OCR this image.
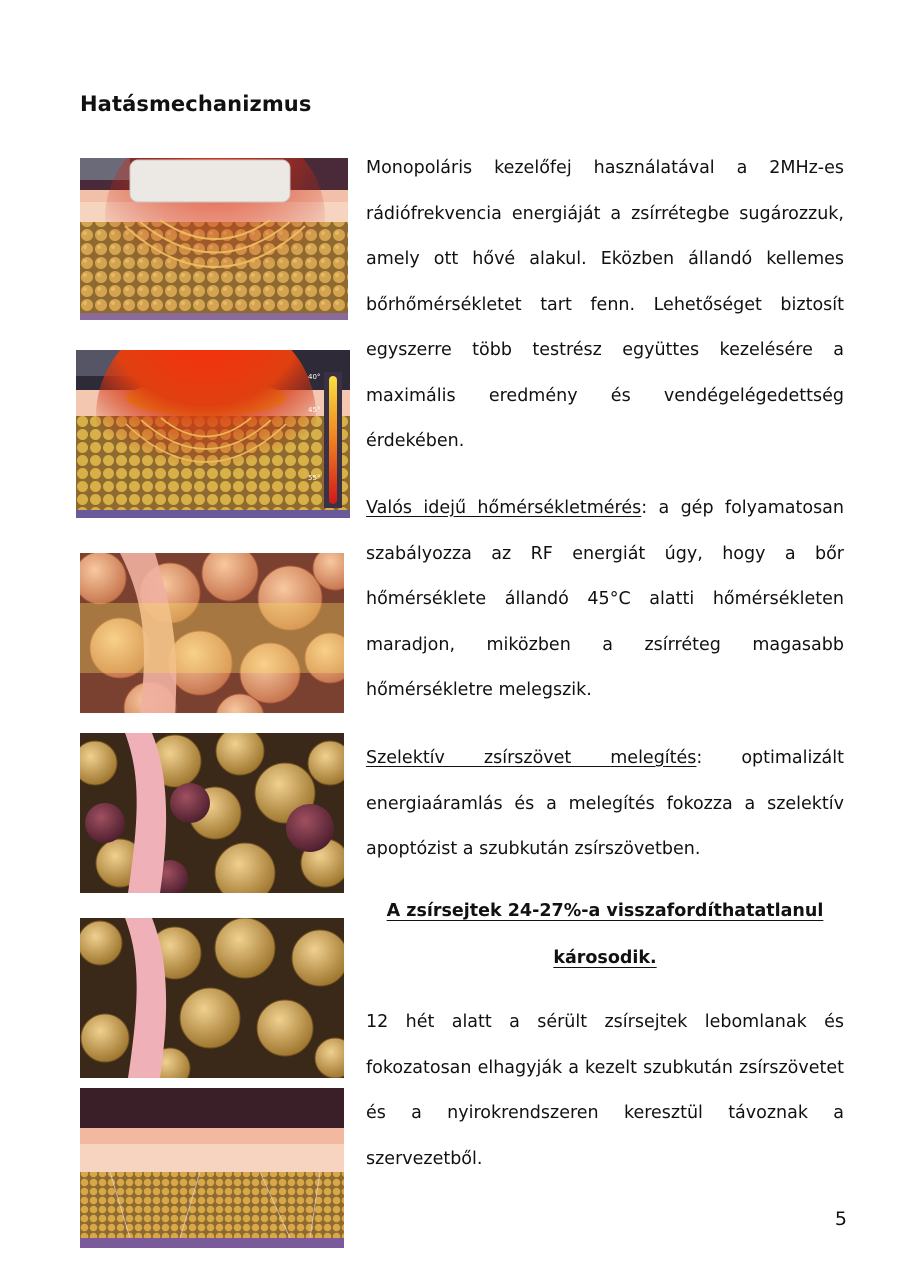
Hatásmechanizmus
40°
45°
55°
Monopoláris kezelőfej használatával a 2MHz-es rádiófrekvencia energiáját a zsírrétegbe sugározzuk, amely ott hővé alakul. Eközben állandó kellemes bőrhőmérsékletet tart fenn. Lehetőséget biztosít egyszerre több testrész együttes kezelésére a maximális eredmény és vendégelégedettség érdekében.
Valós idejű hőmérsékletmérés: a gép folyamatosan szabályozza az RF energiát úgy, hogy a bőr hőmérséklete állandó 45°C alatti hőmérsékleten maradjon, miközben a zsírréteg magasabb hőmérsékletre melegszik.
Szelektív zsírszövet melegítés: optimalizált energiaáramlás és a melegítés fokozza a szelektív apoptózist a szubkután zsírszövetben.
A zsírsejtek 24-27%-a visszafordíthatatlanul károsodik.
12 hét alatt a sérült zsírsejtek lebomlanak és fokozatosan elhagyják a kezelt szubkután zsírszövetet és a nyirokrendszeren keresztül távoznak a szervezetből.
5
